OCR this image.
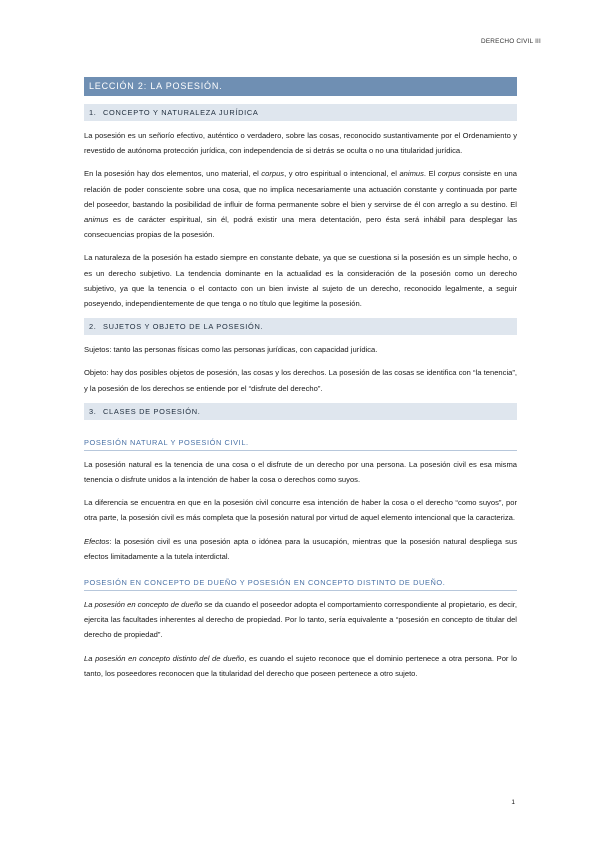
DERECHO CIVIL III
LECCIÓN 2: LA POSESIÓN.
1. CONCEPTO Y NATURALEZA JURÍDICA

La posesión es un señorío efectivo, auténtico o verdadero, sobre las cosas, reconocido sustantivamente por el Ordenamiento y revestido de autónoma protección jurídica, con independencia de si detrás se oculta o no una titularidad jurídica.

En la posesión hay dos elementos, uno material, el corpus, y otro espiritual o intencional, el animus. El corpus consiste en una relación de poder consciente sobre una cosa, que no implica necesariamente una actuación constante y continuada por parte del poseedor, bastando la posibilidad de influir de forma permanente sobre el bien y servirse de él con arreglo a su destino. El animus es de carácter espiritual, sin él, podrá existir una mera detentación, pero ésta será inhábil para desplegar las consecuencias propias de la posesión.

La naturaleza de la posesión ha estado siempre en constante debate, ya que se cuestiona si la posesión es un simple hecho, o es un derecho subjetivo. La tendencia dominante en la actualidad es la consideración de la posesión como un derecho subjetivo, ya que la tenencia o el contacto con un bien inviste al sujeto de un derecho, reconocido legalmente, a seguir poseyendo, independientemente de que tenga o no título que legitime la posesión.

2. SUJETOS Y OBJETO DE LA POSESIÓN.

Sujetos: tanto las personas físicas como las personas jurídicas, con capacidad jurídica.

Objeto: hay dos posibles objetos de posesión, las cosas y los derechos. La posesión de las cosas se identifica con “la tenencia”, y la posesión de los derechos se entiende por el “disfrute del derecho”.

3. CLASES DE POSESIÓN.
POSESIÓN NATURAL Y POSESIÓN CIVIL.

La posesión natural es la tenencia de una cosa o el disfrute de un derecho por una persona. La posesión civil es esa misma tenencia o disfrute unidos a la intención de haber la cosa o derechos como suyos.

La diferencia se encuentra en que en la posesión civil concurre esa intención de haber la cosa o el derecho “como suyos”, por otra parte, la posesión civil es más completa que la posesión natural por virtud de aquel elemento intencional que la caracteriza.

Efectos: la posesión civil es una posesión apta o idónea para la usucapión, mientras que la posesión natural despliega sus efectos limitadamente a la tutela interdictal.

POSESIÓN EN CONCEPTO DE DUEÑO Y POSESIÓN EN CONCEPTO DISTINTO DE DUEÑO.

La posesión en concepto de dueño se da cuando el poseedor adopta el comportamiento correspondiente al propietario, es decir, ejercita las facultades inherentes al derecho de propiedad. Por lo tanto, sería equivalente a “posesión en concepto de titular del derecho de propiedad”.

La posesión en concepto distinto del de dueño, es cuando el sujeto reconoce que el dominio pertenece a otra persona. Por lo tanto, los poseedores reconocen que la titularidad del derecho que poseen pertenece a otro sujeto.

1
